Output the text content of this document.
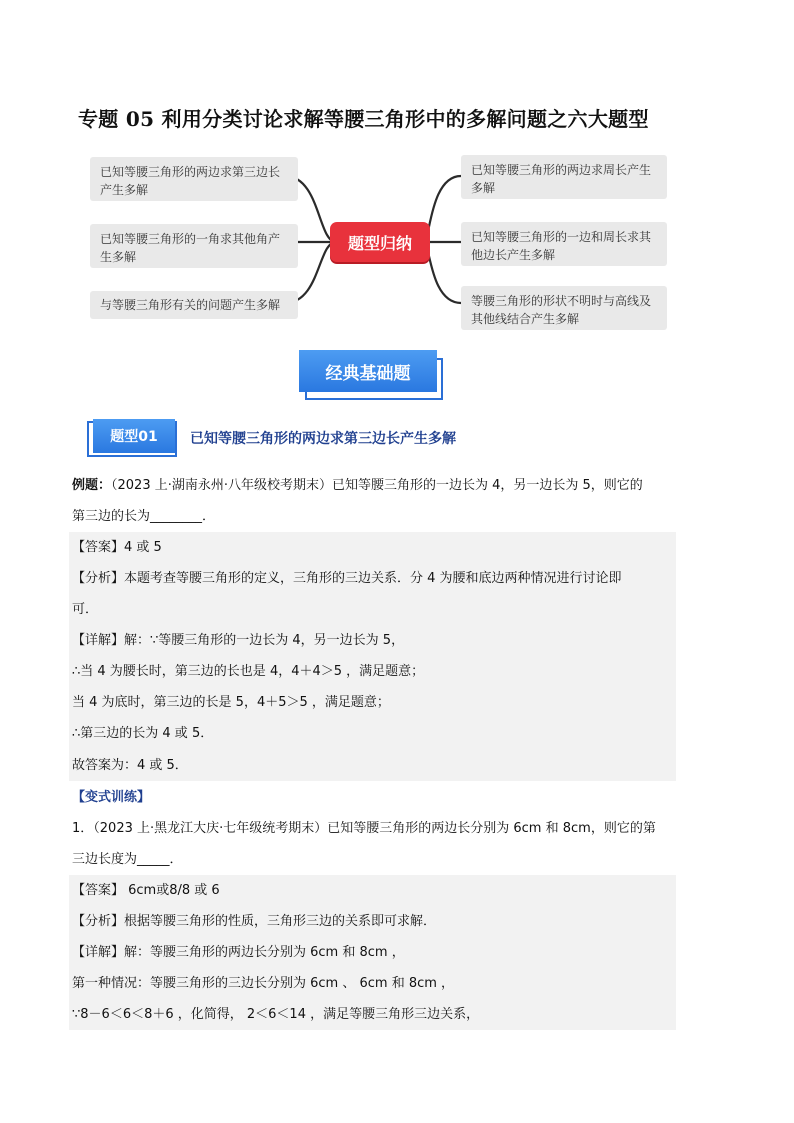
专题 05 利用分类讨论求解等腰三角形中的多解问题之六大题型
已知等腰三角形的两边求第三边长产生多解
已知等腰三角形的一角求其他角产生多解
与等腰三角形有关的问题产生多解
题型归纳
已知等腰三角形的两边求周长产生多解
已知等腰三角形的一边和周长求其他边长产生多解
等腰三角形的形状不明时与高线及其他线结合产生多解
经典基础题
题型01	已知等腰三角形的两边求第三边长产生多解
例题：（2023 上·湖南永州·八年级校考期末）已知等腰三角形的一边长为 4，另一边长为 5，则它的
第三边的长为________．
【答案】4 或 5
【分析】本题考查等腰三角形的定义，三角形的三边关系．分 4 为腰和底边两种情况进行讨论即
可．
【详解】解：∵等腰三角形的一边长为 4，另一边长为 5，
∴当 4 为腰长时，第三边的长也是 4，4＋4＞5 ，满足题意；
当 4 为底时，第三边的长是 5，4＋5＞5 ，满足题意；
∴第三边的长为 4 或 5．
故答案为：4 或 5．
【变式训练】
1．（2023 上·黑龙江大庆·七年级统考期末）已知等腰三角形的两边长分别为 6cm 和 8cm，则它的第
三边长度为_____．
【答案】 6cm或8/8 或 6
【分析】根据等腰三角形的性质，三角形三边的关系即可求解．
【详解】解：等腰三角形的两边长分别为 6cm 和 8cm ，
第一种情况：等腰三角形的三边长分别为 6cm 、 6cm 和 8cm ，
∵8－6＜6＜8＋6 ，化简得， 2＜6＜14 ，满足等腰三角形三边关系，
